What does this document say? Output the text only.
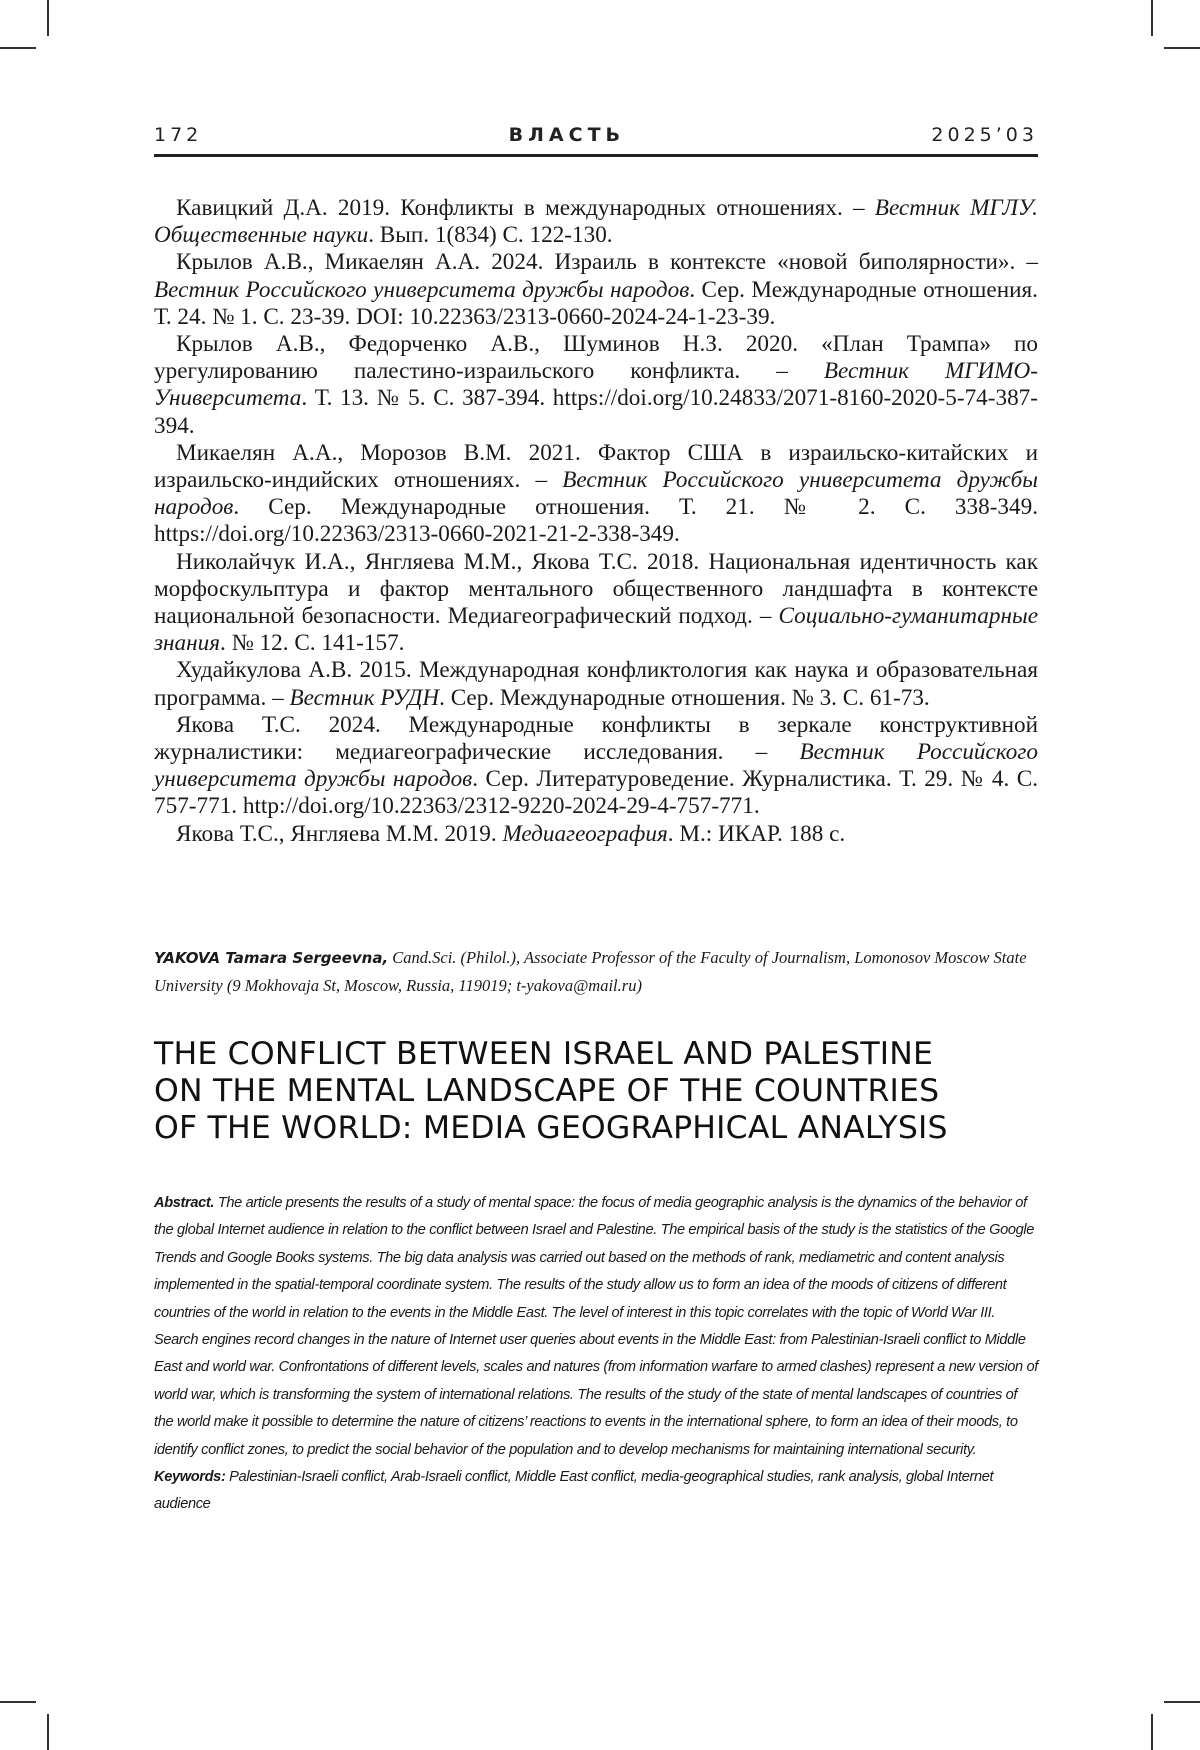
172	ВЛАСТЬ	2025’03

Кавицкий Д.А. 2019. Конфликты в международных отношениях. – Вестник МГЛУ. Общественные науки. Вып. 1(834) С. 122-130.

Крылов А.В., Микаелян А.А. 2024. Израиль в контексте «новой биполярности». – Вестник Российского университета дружбы народов. Сер. Международные отношения. Т. 24. № 1. С. 23-39. DOI: 10.22363/2313-0660-2024-24-1-23-39.

Крылов А.В., Федорченко А.В., Шуминов Н.З. 2020. «План Трампа» по урегулированию палестино-израильского конфликта. – Вестник МГИМО-Университета. Т. 13. № 5. С. 387-394. https://doi.org/10.24833/2071-8160-2020-5-74-387-394.

Микаелян А.А., Морозов В.М. 2021. Фактор США в израильско-китайских и израильско-индийских отношениях. – Вестник Российского университета дружбы народов. Сер. Международные отношения. Т. 21. № 2. С. 338-349. https://doi.org/10.22363/2313-0660-2021-21-2-338-349.

Николайчук И.А., Янгляева М.М., Якова Т.С. 2018. Национальная идентичность как морфоскульптура и фактор ментального общественного ландшафта в контексте национальной безопасности. Медиагеографический подход. – Социально-гуманитарные знания. № 12. С. 141-157.

Худайкулова А.В. 2015. Международная конфликтология как наука и образовательная программа. – Вестник РУДН. Сер. Международные отношения. № 3. С. 61-73.

Якова Т.С. 2024. Международные конфликты в зеркале конструктивной журналистики: медиагеографические исследования. – Вестник Российского университета дружбы народов. Сер. Литературоведение. Журналистика. Т. 29. № 4. С. 757-771. http://doi.org/10.22363/2312-9220-2024-29-4-757-771.

Якова Т.С., Янгляева М.М. 2019. Медиагеография. М.: ИКАР. 188 с.

YAKOVA Tamara Sergeevna, Cand.Sci. (Philol.), Associate Professor of the Faculty of Journalism, Lomonosov Moscow State University (9 Mokhovaja St, Moscow, Russia, 119019; t-yakova@mail.ru)
THE CONFLICT BETWEEN ISRAEL AND PALESTINE
ON THE MENTAL LANDSCAPE OF THE COUNTRIES
OF THE WORLD: MEDIA GEOGRAPHICAL ANALYSIS

Abstract. The article presents the results of a study of mental space: the focus of media geographic analysis is the dynamics of the behavior of the global Internet audience in relation to the conflict between Israel and Palestine. The empirical basis of the study is the statistics of the Google Trends and Google Books systems. The big data analysis was carried out based on the methods of rank, mediametric and content analysis implemented in the spatial-temporal coordinate system. The results of the study allow us to form an idea of the moods of citizens of different countries of the world in relation to the events in the Middle East. The level of interest in this topic correlates with the topic of World War III. Search engines record changes in the nature of Internet user queries about events in the Middle East: from Palestinian-Israeli conflict to Middle East and world war. Confrontations of different levels, scales and natures (from information warfare to armed clashes) represent a new version of world war, which is transforming the system of international relations. The results of the study of the state of mental landscapes of countries of the world make it possible to determine the nature of citizens’ reactions to events in the international sphere, to form an idea of their moods, to identify conflict zones, to predict the social behavior of the population and to develop mechanisms for maintaining international security.

Keywords: Palestinian-Israeli conflict, Arab-Israeli conflict, Middle East conflict, media-geographical studies, rank analysis, global Internet audience
